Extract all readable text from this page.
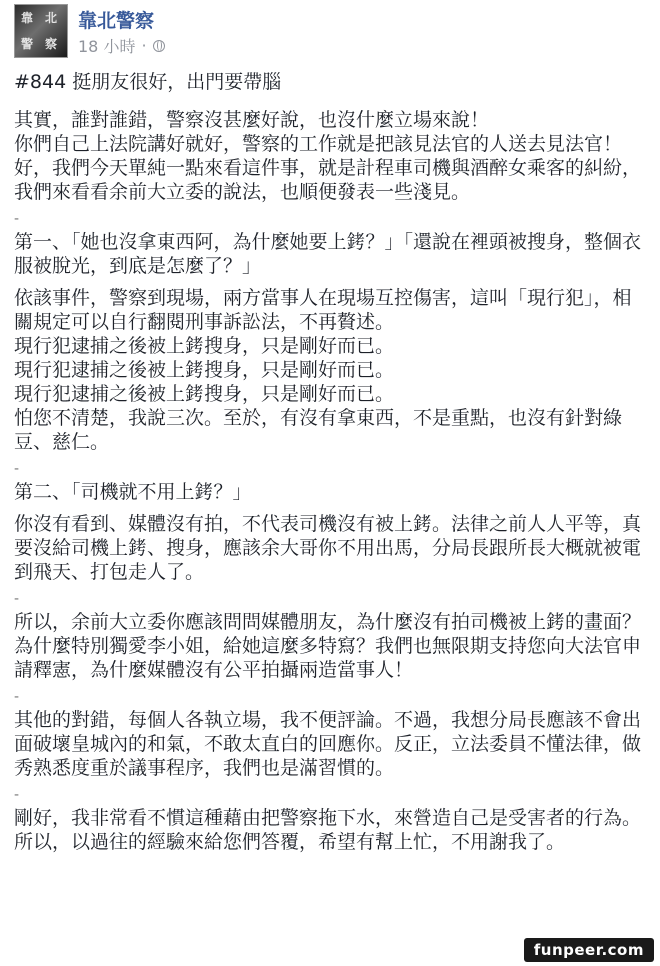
靠 北
警 察
靠北警察
18 小時 ·

#844 挺朋友很好，出門要帶腦

其實，誰對誰錯，警察沒甚麼好說，也沒什麼立場來說！
你們自己上法院講好就好，警察的工作就是把該見法官的人送去見法官！
好，我們今天單純一點來看這件事，就是計程車司機與酒醉女乘客的糾紛，我們來看看余前大立委的說法，也順便發表一些淺見。

-

第一、「她也沒拿東西阿，為什麼她要上銬？」「還說在裡頭被搜身，整個衣服被脫光，到底是怎麼了？」

依該事件，警察到現場，兩方當事人在現場互控傷害，這叫「現行犯」，相關規定可以自行翻閱刑事訴訟法，不再贅述。
現行犯逮捕之後被上銬搜身，只是剛好而已。
現行犯逮捕之後被上銬搜身，只是剛好而已。
現行犯逮捕之後被上銬搜身，只是剛好而已。
怕您不清楚，我說三次。至於，有沒有拿東西，不是重點，也沒有針對綠豆、慈仁。

-

第二、「司機就不用上銬？」

你沒有看到、媒體沒有拍，不代表司機沒有被上銬。法律之前人人平等，真要沒給司機上銬、搜身，應該余大哥你不用出馬，分局長跟所長大概就被電到飛天、打包走人了。

-

所以，余前大立委你應該問問媒體朋友，為什麼沒有拍司機被上銬的畫面？為什麼特別獨愛李小姐，給她這麼多特寫？我們也無限期支持您向大法官申請釋憲，為什麼媒體沒有公平拍攝兩造當事人！

-

其他的對錯，每個人各執立場，我不便評論。不過，我想分局長應該不會出面破壞皇城內的和氣，不敢太直白的回應你。反正，立法委員不懂法律，做秀熟悉度重於議事程序，我們也是滿習慣的。

-

剛好，我非常看不慣這種藉由把警察拖下水，來營造自己是受害者的行為。所以，以過往的經驗來給您們答覆，希望有幫上忙，不用謝我了。

funpeer.com
